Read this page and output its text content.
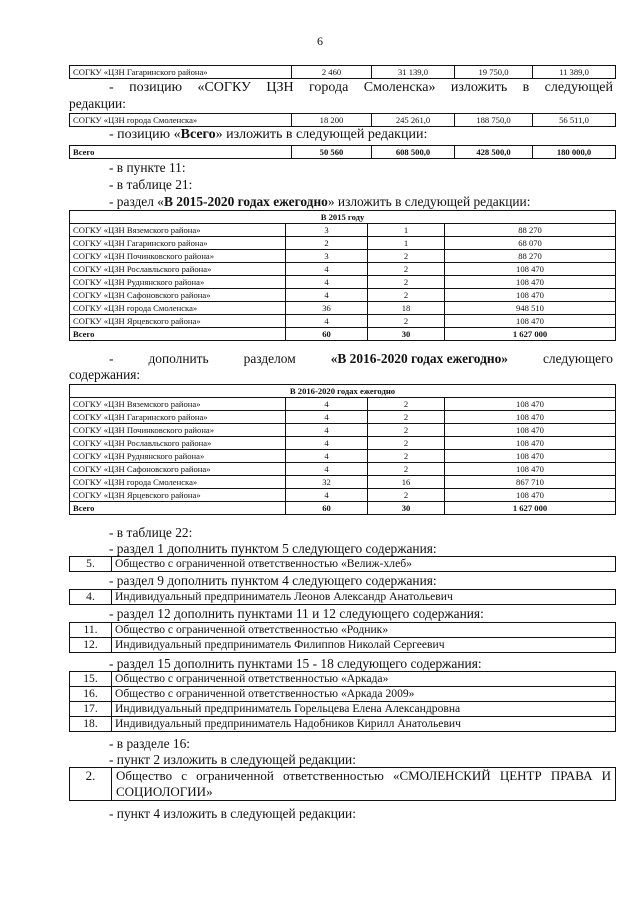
6
СОГКУ «ЦЗН Гагаринского района»	2 460	31 139,0	19 750,0	11 389,0
- позицию «СОГКУ ЦЗН города Смоленска» изложить в следующей
редакции:
СОГКУ «ЦЗН города Смоленска»	18 200	245 261,0	188 750,0	56 511,0
- позицию «Всего» изложить в следующей редакции:
Всего	50 560	608 500,0	428 500,0	180 000,0
- в пункте 11:
- в таблице 21:
- раздел «В 2015-2020 годах ежегодно» изложить в следующей редакции:
В 2015 году			
СОГКУ «ЦЗН Вяземского района»	3	1	88 270
СОГКУ «ЦЗН Гагаринского района»	2	1	68 070
СОГКУ «ЦЗН Починковского района»	3	2	88 270
СОГКУ «ЦЗН Рославльского района»	4	2	108 470
СОГКУ «ЦЗН Руднянского района»	4	2	108 470
СОГКУ «ЦЗН Сафоновского района»	4	2	108 470
СОГКУ «ЦЗН города Смоленска»	36	18	948 510
СОГКУ «ЦЗН Ярцевского района»	4	2	108 470
Всего	60	30	1 627 000
-	дополнить	разделом	«В 2016-2020 годах ежегодно»	следующего
содержания:
В 2016-2020 годах ежегодно			
СОГКУ «ЦЗН Вяземского района»	4	2	108 470
СОГКУ «ЦЗН Гагаринского района»	4	2	108 470
СОГКУ «ЦЗН Починковского района»	4	2	108 470
СОГКУ «ЦЗН Рославльского района»	4	2	108 470
СОГКУ «ЦЗН Руднянского района»	4	2	108 470
СОГКУ «ЦЗН Сафоновского района»	4	2	108 470
СОГКУ «ЦЗН города Смоленска»	32	16	867 710
СОГКУ «ЦЗН Ярцевского района»	4	2	108 470
Всего	60	30	1 627 000
- в таблице 22:
- раздел 1 дополнить пунктом 5 следующего содержания:
5.	Общество с ограниченной ответственностью «Велиж-хлеб»
- раздел 9 дополнить пунктом 4 следующего содержания:
4.	Индивидуальный предприниматель Леонов Александр Анатольевич
- раздел 12 дополнить пунктами 11 и 12 следующего содержания:
11.	Общество с ограниченной ответственностью «Родник»
12.	Индивидуальный предприниматель Филиппов Николай Сергеевич
- раздел 15 дополнить пунктами 15 - 18 следующего содержания:
15.	Общество с ограниченной ответственностью «Аркада»
16.	Общество с ограниченной ответственностью «Аркада 2009»
17.	Индивидуальный предприниматель Горельцева Елена Александровна
18.	Индивидуальный предприниматель Надобников Кирилл Анатольевич
- в разделе 16:
- пункт 2 изложить в следующей редакции:
2.	Общество с ограниченной ответственностью «СМОЛЕНСКИЙ ЦЕНТР ПРАВА И
СОЦИОЛОГИИ»
- пункт 4 изложить в следующей редакции:
